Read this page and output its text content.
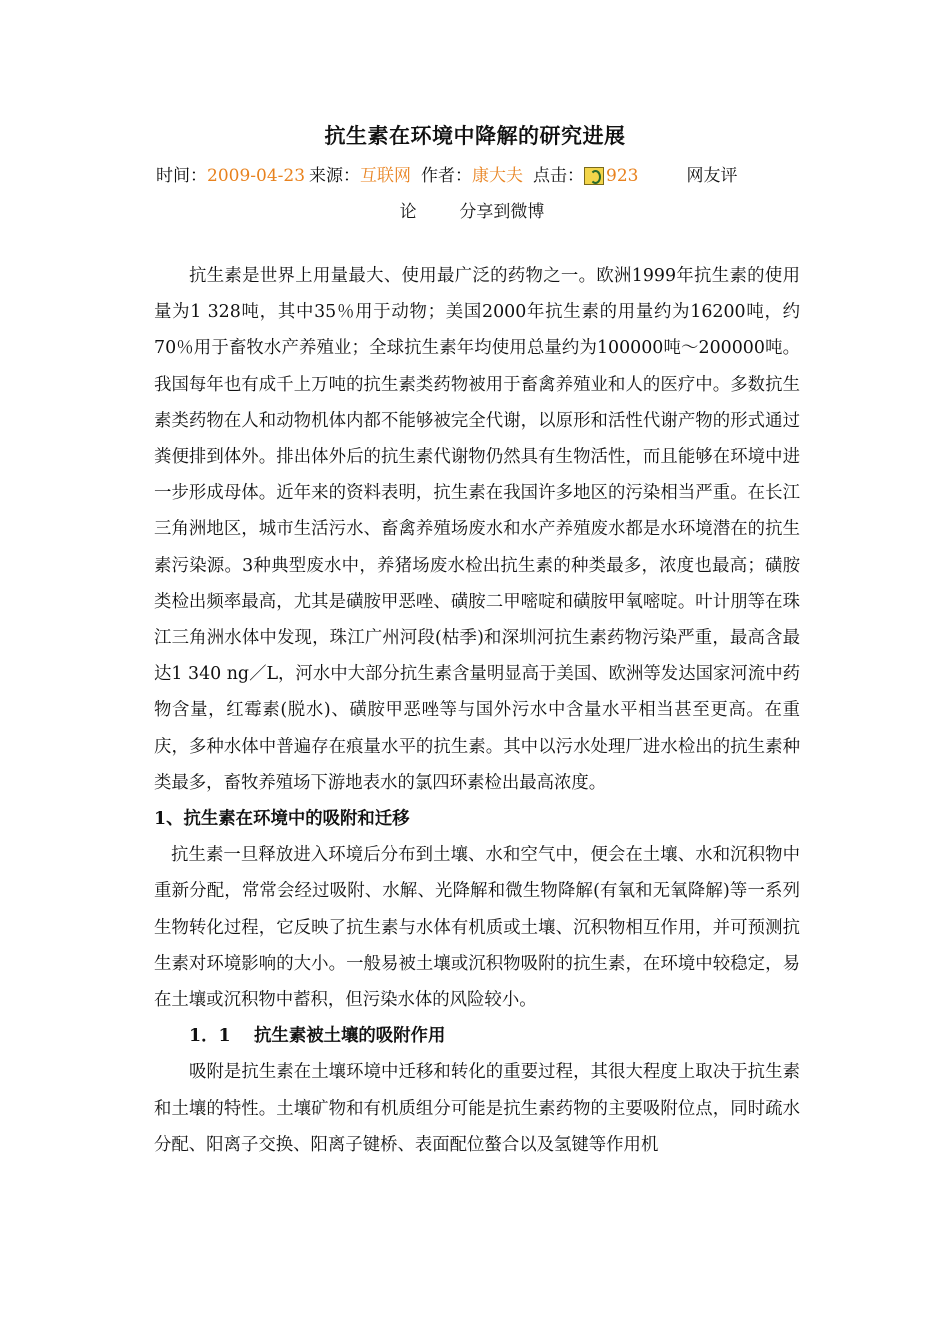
抗生素在环境中降解的研究进展
时间： 2009-04-23 来源： 互联网 作者： 康大夫 点击： 923	网友评
论	分享到微博

抗生素是世界上用量最大、使用最广泛的药物之一。欧洲1999年抗生素的使用量为1 328吨，其中35％用于动物；美国2000年抗生素的用量约为16200吨，约70％用于畜牧水产养殖业；全球抗生素年均使用总量约为100000吨～200000吨。我国每年也有成千上万吨的抗生素类药物被用于畜禽养殖业和人的医疗中。多数抗生素类药物在人和动物机体内都不能够被完全代谢，以原形和活性代谢产物的形式通过粪便排到体外。排出体外后的抗生素代谢物仍然具有生物活性，而且能够在环境中进一步形成母体。近年来的资料表明，抗生素在我国许多地区的污染相当严重。在长江三角洲地区，城市生活污水、畜禽养殖场废水和水产养殖废水都是水环境潜在的抗生素污染源。3种典型废水中，养猪场废水检出抗生素的种类最多，浓度也最高；磺胺类检出频率最高，尤其是磺胺甲恶唑、磺胺二甲嘧啶和磺胺甲氧嘧啶。叶计朋等在珠江三角洲水体中发现，珠江广州河段(枯季)和深圳河抗生素药物污染严重，最高含最达1 340 ng／L，河水中大部分抗生素含量明显高于美国、欧洲等发达国家河流中药物含量，红霉素(脱水)、磺胺甲恶唑等与国外污水中含量水平相当甚至更高。在重庆，多种水体中普遍存在痕量水平的抗生素。其中以污水处理厂进水检出的抗生素种类最多，畜牧养殖场下游地表水的氯四环素检出最高浓度。

1、抗生素在环境中的吸附和迁移

抗生素一旦释放进入环境后分布到土壤、水和空气中，便会在土壤、水和沉积物中重新分配，常常会经过吸附、水解、光降解和微生物降解(有氧和无氧降解)等一系列生物转化过程，它反映了抗生素与水体有机质或土壤、沉积物相互作用，并可预测抗生素对环境影响的大小。一般易被土壤或沉积物吸附的抗生素，在环境中较稳定，易在土壤或沉积物中蓄积，但污染水体的风险较小。

1．1　 抗生素被土壤的吸附作用

吸附是抗生素在土壤环境中迁移和转化的重要过程，其很大程度上取决于抗生素和土壤的特性。土壤矿物和有机质组分可能是抗生素药物的主要吸附位点，同时疏水分配、阳离子交换、阳离子键桥、表面配位螯合以及氢键等作用机
